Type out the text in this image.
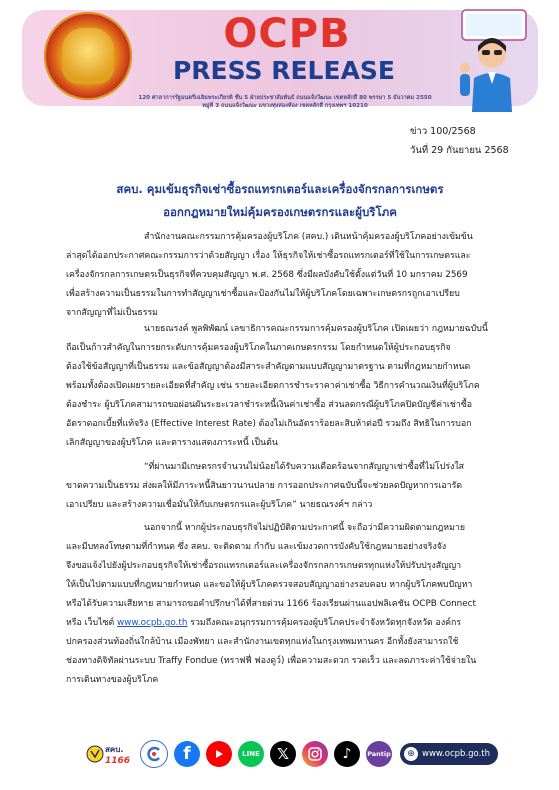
OCPB
PRESS RELEASE
120 ศาลาการรัฐมนตรีเฉลิมพระเกียรติ ชั้น 5 ฝ่ายประชาสัมพันธ์ ถนนแจ้งวัฒนะ เขตหลักสี่ 80 พรรษา 5 ธันวาคม 2550
หมู่ที่ 3 ถนนแจ้งวัฒนะ แขวงทุ่งสองห้อง เขตหลักสี่ กรุงเทพฯ 10210
ข่าว 100/2568
วันที่ 29 กันยายน 2568
สคบ. คุมเข้มธุรกิจเช่าซื้อรถแทรกเตอร์และเครื่องจักรกลการเกษตร
ออกกฎหมายใหม่คุ้มครองเกษตรกรและผู้บริโภค
สำนักงานคณะกรรมการคุ้มครองผู้บริโภค (สคบ.) เดินหน้าคุ้มครองผู้บริโภคอย่างเข้มข้น
ล่าสุดได้ออกประกาศคณะกรรมการว่าด้วยสัญญา เรื่อง ให้ธุรกิจให้เช่าซื้อรถแทรกเตอร์ที่ใช้ในการเกษตรและ
เครื่องจักรกลการเกษตรเป็นธุรกิจที่ควบคุมสัญญา พ.ศ. 2568 ซึ่งมีผลบังคับใช้ตั้งแต่วันที่ 10 มกราคม 2569
เพื่อสร้างความเป็นธรรมในการทำสัญญาเช่าซื้อและป้องกันไม่ให้ผู้บริโภคโดยเฉพาะเกษตรกรถูกเอาเปรียบ
จากสัญญาที่ไม่เป็นธรรม
นายธณรงค์ พูลพิพัฒน์ เลขาธิการคณะกรรมการคุ้มครองผู้บริโภค เปิดเผยว่า กฎหมายฉบับนี้
ถือเป็นก้าวสำคัญในการยกระดับการคุ้มครองผู้บริโภคในภาคเกษตรกรรม โดยกำหนดให้ผู้ประกอบธุรกิจ
ต้องใช้ข้อสัญญาที่เป็นธรรม และข้อสัญญาต้องมีสาระสำคัญตามแบบสัญญามาตรฐาน ตามที่กฎหมายกำหนด
พร้อมทั้งต้องเปิดเผยรายละเอียดที่สำคัญ เช่น รายละเอียดการชำระราคาค่าเช่าซื้อ วิธีการคำนวณเงินที่ผู้บริโภค
ต้องชำระ ผู้บริโภคสามารถขอผ่อนผันระยะเวลาชำระหนี้เงินค่าเช่าซื้อ ส่วนลดกรณีผู้บริโภคปิดบัญชีค่าเช่าซื้อ
อัตราดอกเบี้ยที่แท้จริง (Effective Interest Rate) ต้องไม่เกินอัตราร้อยละสิบห้าต่อปี รวมถึง สิทธิในการบอก
เลิกสัญญาของผู้บริโภค และตารางแสดงภาระหนี้ เป็นต้น
“ที่ผ่านมามีเกษตรกรจำนวนไม่น้อยได้รับความเดือดร้อนจากสัญญาเช่าซื้อที่ไม่โปร่งใส
ขาดความเป็นธรรม ส่งผลให้มีภาระหนี้สินยาวนานปลาย การออกประกาศฉบับนี้จะช่วยลดปัญหาการเอารัด
เอาเปรียบ และสร้างความเชื่อมั่นให้กับเกษตรกรและผู้บริโภค” นายธณรงค์ฯ กล่าว
นอกจากนี้ หากผู้ประกอบธุรกิจไม่ปฏิบัติตามประกาศนี้ จะถือว่ามีความผิดตามกฎหมาย
และมีบทลงโทษตามที่กำหนด ซึ่ง สคบ. จะติดตาม กำกับ และเข้มงวดการบังคับใช้กฎหมายอย่างจริงจัง
จึงขอแจ้งไปยังผู้ประกอบธุรกิจให้เช่าซื้อรถแทรกเตอร์และเครื่องจักรกลการเกษตรทุกแห่งให้ปรับปรุงสัญญา
ให้เป็นไปตามแบบที่กฎหมายกำหนด และขอให้ผู้บริโภคตรวจสอบสัญญาอย่างรอบคอบ หากผู้บริโภคพบปัญหา
หรือได้รับความเสียหาย สามารถขอคำปรึกษาได้ที่สายด่วน 1166 ร้องเรียนผ่านแอปพลิเคชัน OCPB Connect
หรือ เว็บไซต์ www.ocpb.go.th รวมถึงคณะอนุกรรมการคุ้มครองผู้บริโภคประจำจังหวัดทุกจังหวัด องค์กร
ปกครองส่วนท้องถิ่นใกล้บ้าน เมืองพัทยา และสำนักงานเขตทุกแห่งในกรุงเทพมหานคร อีกทั้งยังสามารถใช้
ช่องทางดิจิทัลผ่านระบบ Traffy Fondue (ทราฟฟี่ ฟองดูว์) เพื่อความสะดวก รวดเร็ว และลดภาระค่าใช้จ่ายใน
การเดินทางของผู้บริโภค
สคบ.
1166	f	LINE	𝕏	♪	Pantip	⊕ www.ocpb.go.th
